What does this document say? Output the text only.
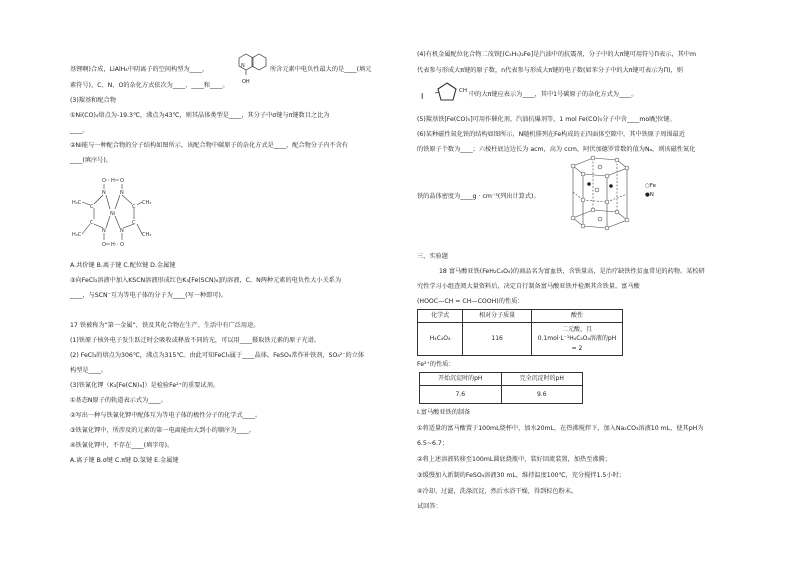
基锂啊)合成，LiAlH₄中阴离子的空间构型为____，	N
OH
所含元素中电负性最大的是____(填元
素符号)，C、N、O的杂化方式依次为____、____和____。
(3)羰基和配合物
①Ni(CO)₄熔点为-19.3℃，沸点为43℃，则其晶体类型是____，其分子中σ键与π键数目之比为
____。
②Ni能与一种配合物的分子结构如图所示，该配合物中碳原子的杂化方式是____，配合物分子内不含有
____(填序号)。
O H O
N	N
C
Ni
C
CH₃
H₃C
N	N
H₃C
C	C
CH₃
O H O
A.共价键 B.离子键 C.配位键 D.金属键
③向FeCl₃溶液中加入KSCN溶液形成红色K₃[Fe(SCN)₆]的溶液，C、N两种元素的电负性大小关系为
____，与SCN⁻互为等电子体的分子为____(写一种即可)。
17 铁被称为“第一金属”，铁及其化合物在生产、生活中有广泛用途。
(1)铁原子核外电子发生跃迁时会吸收或释放不同的光，可以用____摄取铁元素的原子光谱。
(2) FeCl₃的熔点为306℃，沸点为315℃。由此可知FeCl₃属于____晶体。FeSO₄常作补铁剂，SO₄²⁻的立体
构型是____。
(3)铁氰化钾（K₃[Fe(CN)₆]）是检验Fe²⁺的重要试剂。
①基态N原子的轨道表示式为____。
②写出一种与铁氰化钾中配体互为等电子体的极性分子的化学式____。
③铁氰化钾中，所涉及的元素的第一电离能由大到小的顺序为____。
④铁氰化钾中，不存在____(填字母)。
A.离子键 B.σ键 C.π键 D.氢键 E.金属键
(4)有机金属配位化合物二茂铁[(C₅H₅)₂Fe]是汽油中的抗震剂，分子中的大π键可用符号Π表示，其中m
代表参与形成大π键的原子数，n代表参与形成大π键的电子数(如苯分子中的大π键可表示为Π)，则
I
CH 中的大π键应表示为____，其中1号碳原子的杂化方式为____。
(5)羰基铁[Fe(CO)₅]可用作催化剂、汽油抗爆剂等，1 mol Fe(CO)₅分子中含____mol配位键。
(6)某种磁性氮化铁的结构如图所示，N随机排列在Fe构成的正四面体空隙中，其中铁原子周围最近
的铁原子个数为____；六棱柱底边边长为 acm，高为 ccm，阿伏加德罗常数的值为Nₐ，则该磁性氮化
○Fe
●N
铁的晶体密度为____g · cm⁻³(列出计算式)。
三、实验题
18 富马酸亚铁(FeH₂C₄O₄)的商品名为富血铁，含铁量高，是治疗缺铁性贫血常见的药物。某校研
究性学习小组查阅大量资料后，决定自行制备富马酸亚铁并检测其含铁量。富马酸
(HOOC—CH = CH—COOH)的性质：
化学式	相对分子质量	酸性
H₄C₄O₄	116	二元酸，且0.1mol·L⁻¹H₄C₄O₄溶液的pH = 2
Fe²⁺的性质：
开始沉淀时的pH	完全沉淀时的pH
7.6	9.6
Ⅰ.富马酸亚铁的制备
①将适量的富马酸置于100mL烧杯中，加水20mL，在热沸搅拌下，加入Na₂CO₃溶液10 mL，使其pH为
6.5~6.7；
②将上述溶液转移至100mL圆底烧瓶中，装好回流装置，加热至沸腾；
③缓慢加入新制的FeSO₄溶液30 mL，维持温度100℃，充分搅拌1.5小时；
④冷却、过滤，洗涤沉淀，然后水浴干燥，得到棕色粉末。
试回答：
